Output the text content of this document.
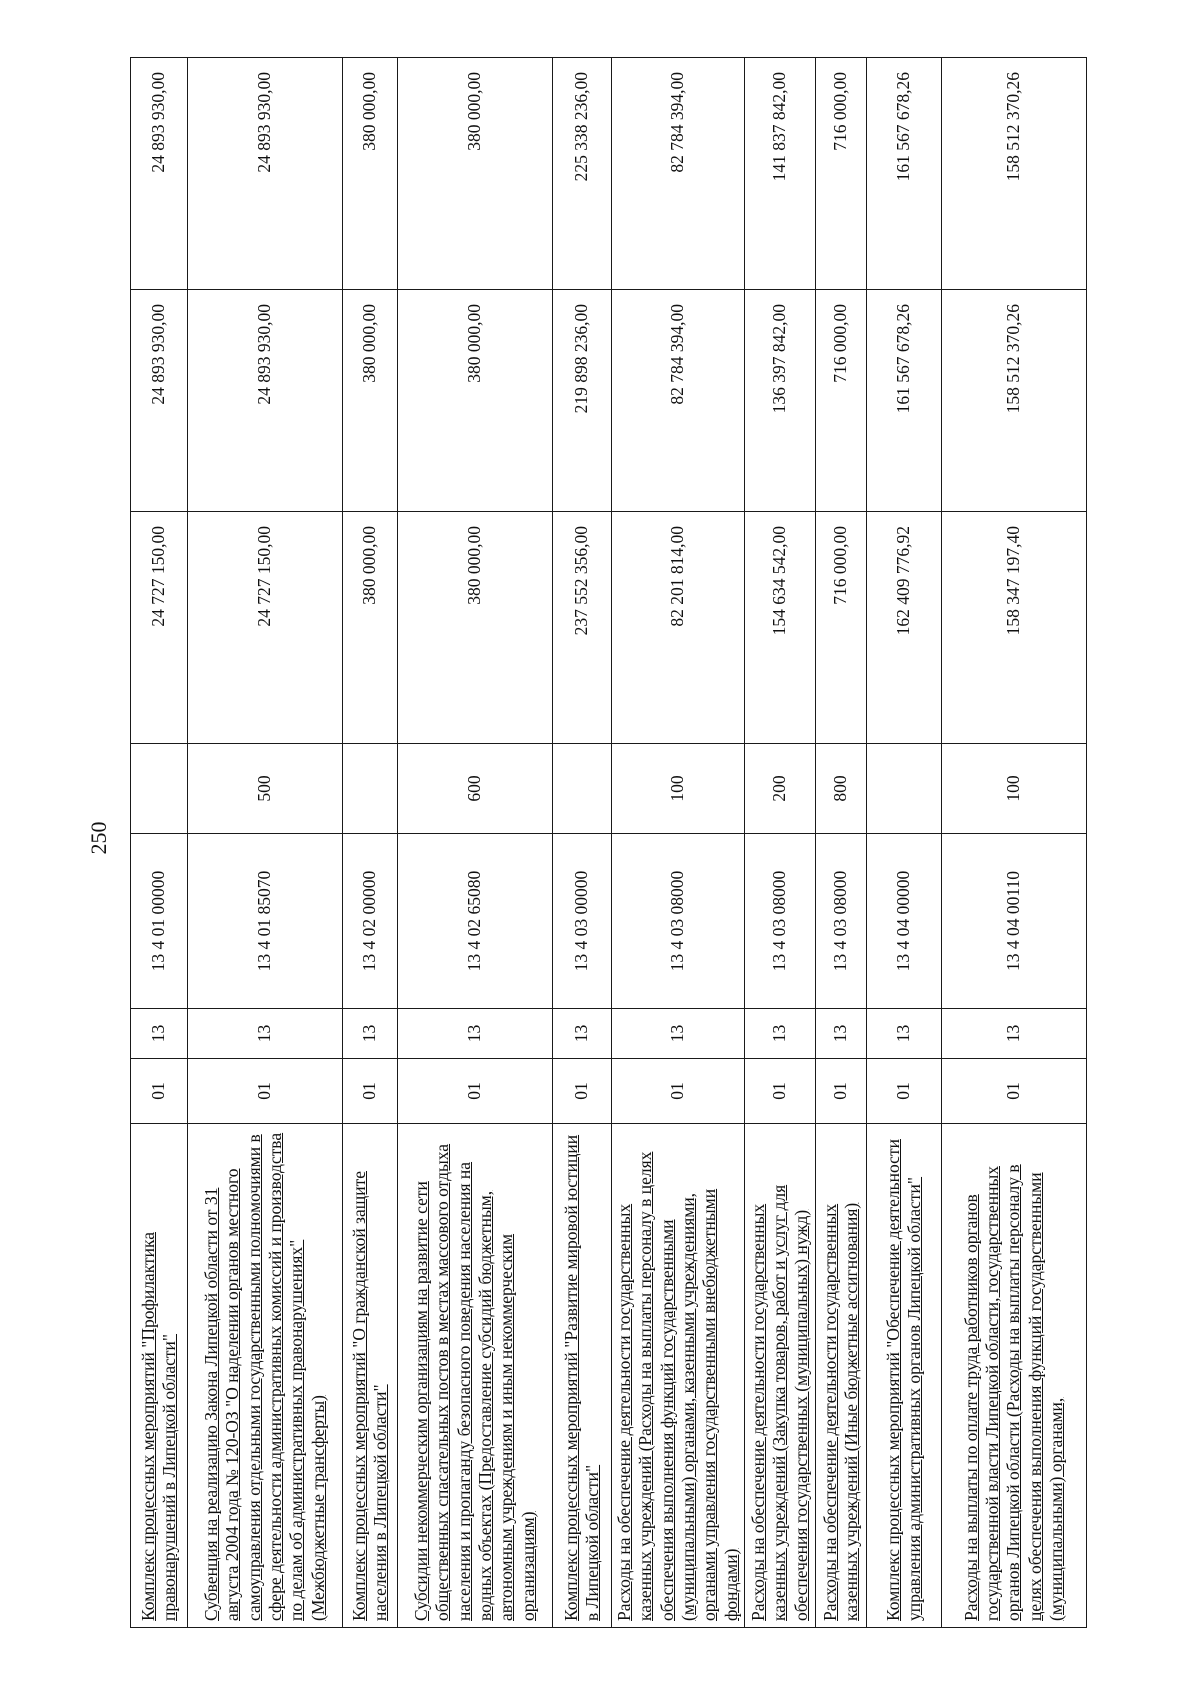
250
Комплекс процессных мероприятий "Профилактика правонарушений в Липецкой области"	01	13	13 4 01 00000		24 727 150,00	24 893 930,00	24 893 930,00
Субвенция на реализацию Закона Липецкой области от 31 августа 2004 года № 120-ОЗ "О наделении органов местного самоуправления отдельными государственными полномочиями в сфере деятельности административных комиссий и производства по делам об административных правонарушениях" (Межбюджетные трансферты)	01	13	13 4 01 85070	500	24 727 150,00	24 893 930,00	24 893 930,00
Комплекс процессных мероприятий "О гражданской защите населения в Липецкой области"	01	13	13 4 02 00000		380 000,00	380 000,00	380 000,00
Субсидии некоммерческим организациям на развитие сети общественных спасательных постов в местах массового отдыха населения и пропаганду безопасного поведения населения на водных объектах (Предоставление субсидий бюджетным, автономным учреждениям и иным некоммерческим организациям)	01	13	13 4 02 65080	600	380 000,00	380 000,00	380 000,00
Комплекс процессных мероприятий "Развитие мировой юстиции в Липецкой области"	01	13	13 4 03 00000		237 552 356,00	219 898 236,00	225 338 236,00
Расходы на обеспечение деятельности государственных казенных учреждений (Расходы на выплаты персоналу в целях обеспечения выполнения функций государственными (муниципальными) органами, казенными учреждениями, органами управления государственными внебюджетными фондами)	01	13	13 4 03 08000	100	82 201 814,00	82 784 394,00	82 784 394,00
Расходы на обеспечение деятельности государственных казенных учреждений (Закупка товаров, работ и услуг для обеспечения государственных (муниципальных) нужд)	01	13	13 4 03 08000	200	154 634 542,00	136 397 842,00	141 837 842,00
Расходы на обеспечение деятельности государственных казенных учреждений (Иные бюджетные ассигнования)	01	13	13 4 03 08000	800	716 000,00	716 000,00	716 000,00
Комплекс процессных мероприятий "Обеспечение деятельности управления административных органов Липецкой области"	01	13	13 4 04 00000		162 409 776,92	161 567 678,26	161 567 678,26
Расходы на выплаты по оплате труда работников органов государственной власти Липецкой области, государственных органов Липецкой области (Расходы на выплаты персоналу в целях обеспечения выполнения функций государственными (муниципальными) органами,	01	13	13 4 04 00110	100	158 347 197,40	158 512 370,26	158 512 370,26
